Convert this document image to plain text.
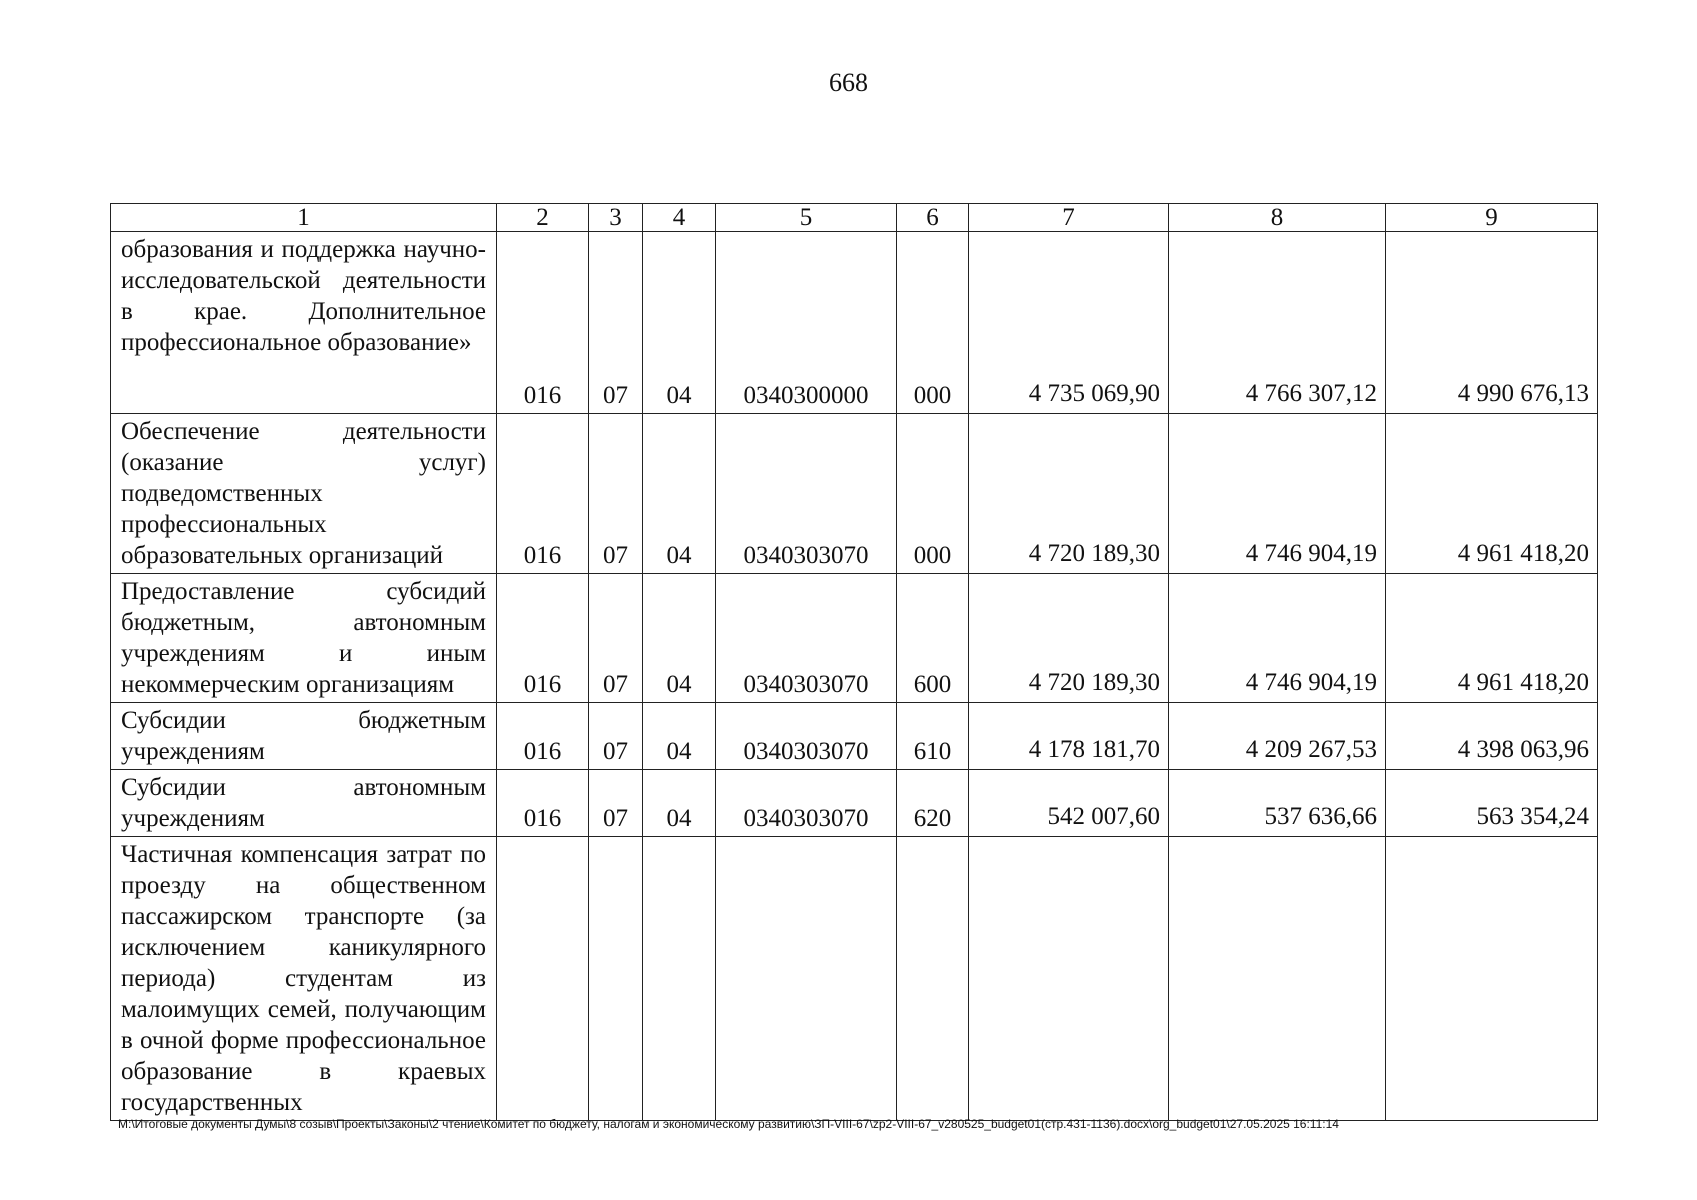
668
1	2	3	4	5	6	7	8	9
образования и поддержка научно-исследовательской деятельности в крае. Дополнительное профессиональное образование»	016	07	04	0340300000	000	4 735 069,90	4 766 307,12	4 990 676,13
Обеспечение деятельности (оказание услуг) подведомственных профессиональных образовательных организаций	016	07	04	0340303070	000	4 720 189,30	4 746 904,19	4 961 418,20
Предоставление субсидий бюджетным, автономным учреждениям и иным некоммерческим организациям	016	07	04	0340303070	600	4 720 189,30	4 746 904,19	4 961 418,20
Субсидии бюджетным учреждениям	016	07	04	0340303070	610	4 178 181,70	4 209 267,53	4 398 063,96
Субсидии автономным учреждениям	016	07	04	0340303070	620	542 007,60	537 636,66	563 354,24
Частичная компенсация затрат по проезду на общественном пассажирском транспорте (за исключением каникулярного периода) студентам из малоимущих семей, получающим в очной форме профессиональное образование в краевых государственных								
М:\Итоговые документы Думы\8 созыв\Проекты\Законы\2 чтение\Комитет по бюджету, налогам и экономическому развитию\ЗП-VIII-67\zp2-VIII-67_v280525_budget01(стр.431-1136).docx\org_budget01\27.05.2025 16:11:14
